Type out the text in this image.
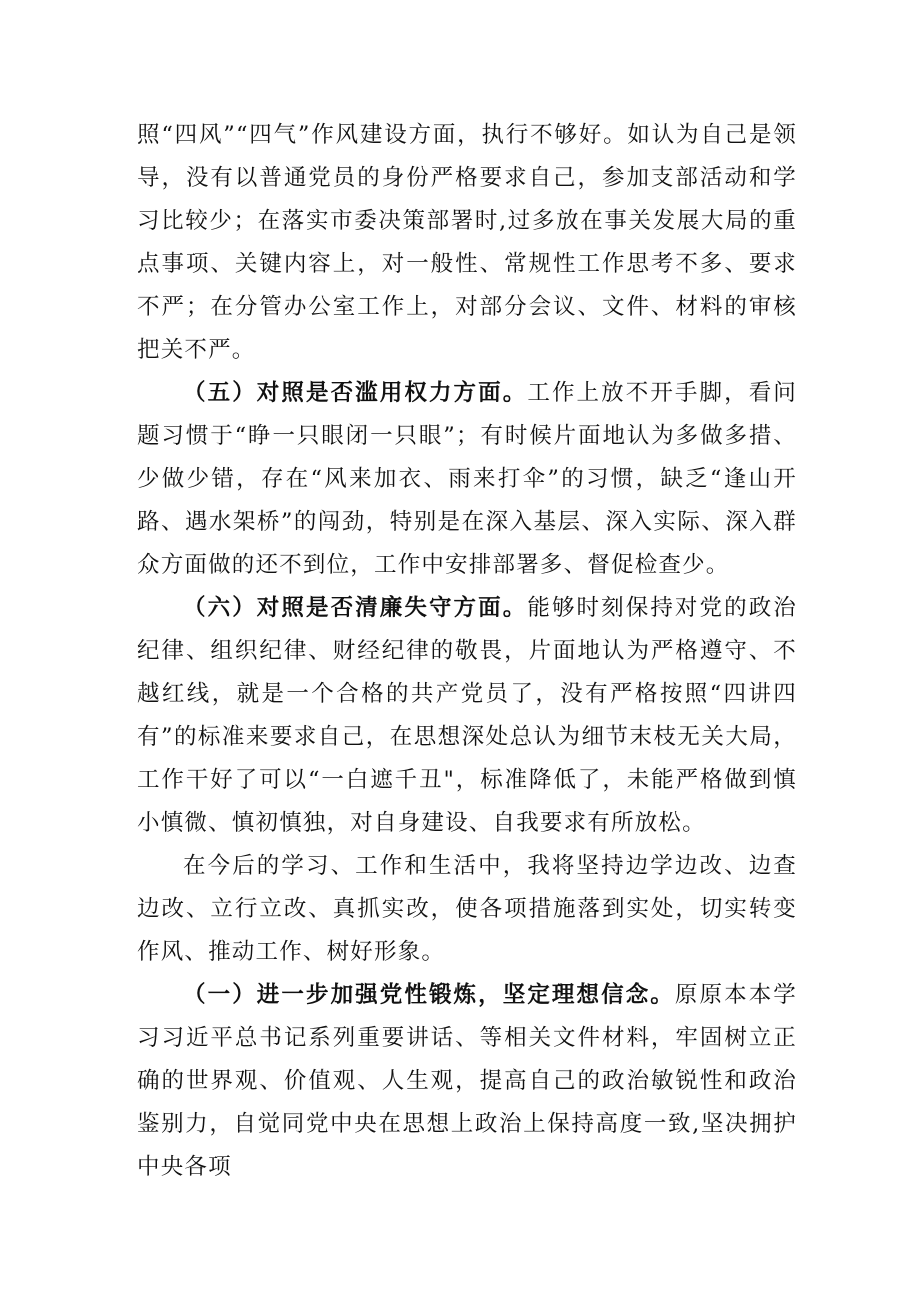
照“四风”“四气”作风建设方面，执行不够好。如认为自己是领导，没有以普通党员的身份严格要求自己，参加支部活动和学习比较少；在落实市委决策部署时,过多放在事关发展大局的重点事项、关键内容上，对一般性、常规性工作思考不多、要求不严；在分管办公室工作上，对部分会议、文件、材料的审核把关不严。

（五）对照是否滥用权力方面。工作上放不开手脚，看问题习惯于“睁一只眼闭一只眼”；有时候片面地认为多做多措、少做少错，存在“风来加衣、雨来打伞”的习惯，缺乏“逢山开路、遇水架桥”的闯劲，特别是在深入基层、深入实际、深入群众方面做的还不到位，工作中安排部署多、督促检查少。

（六）对照是否清廉失守方面。能够时刻保持对党的政治纪律、组织纪律、财经纪律的敬畏，片面地认为严格遵守、不越红线，就是一个合格的共产党员了，没有严格按照“四讲四有”的标准来要求自己，在思想深处总认为细节末枝无关大局，工作干好了可以“一白遮千丑"，标准降低了，未能严格做到慎小慎微、慎初慎独，对自身建设、自我要求有所放松。

在今后的学习、工作和生活中，我将坚持边学边改、边查边改、立行立改、真抓实改，使各项措施落到实处，切实转变作风、推动工作、树好形象。

（一）进一步加强党性锻炼，坚定理想信念。原原本本学习习近平总书记系列重要讲话、等相关文件材料，牢固树立正确的世界观、价值观、人生观，提高自己的政治敏锐性和政治鉴别力，自觉同党中央在思想上政治上保持高度一致,坚决拥护中央各项
